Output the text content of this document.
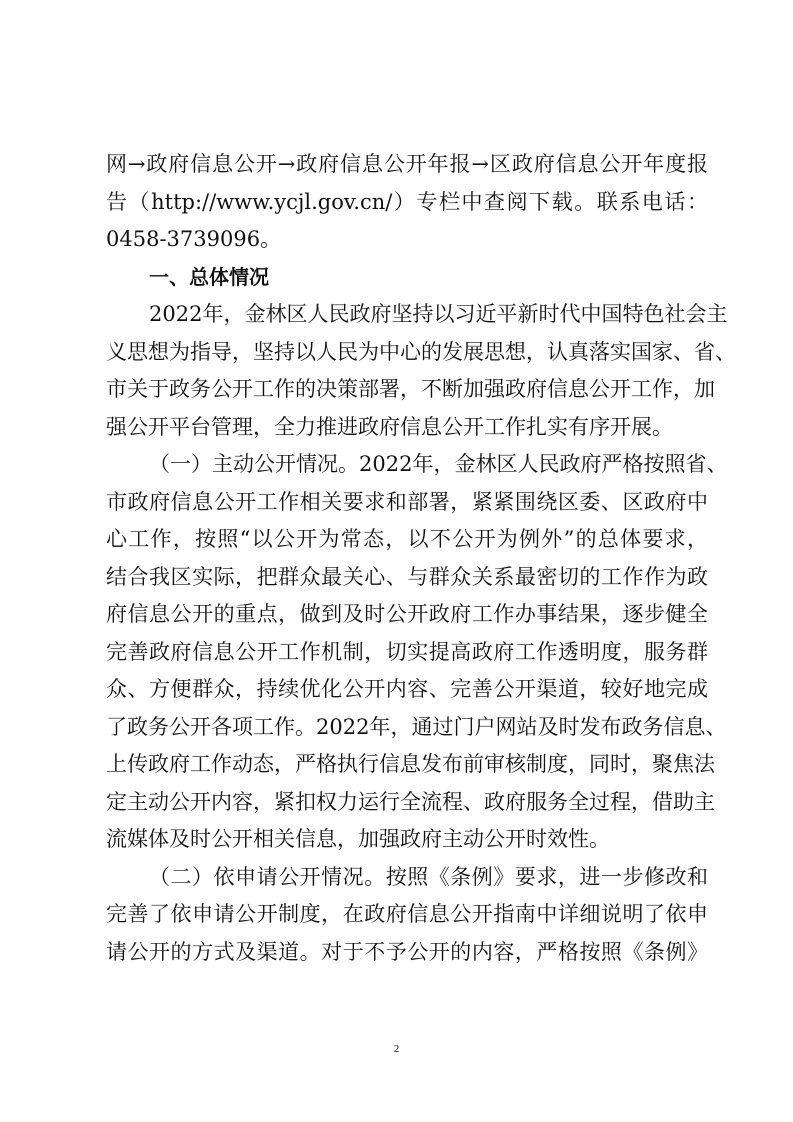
网→政府信息公开→政府信息公开年报→区政府信息公开年度报
告（http://www.ycjl.gov.cn/）专栏中查阅下载。联系电话：
0458-3739096。
一、总体情况
2022年，金林区人民政府坚持以习近平新时代中国特色社会主
义思想为指导，坚持以人民为中心的发展思想，认真落实国家、省、
市关于政务公开工作的决策部署，不断加强政府信息公开工作，加
强公开平台管理，全力推进政府信息公开工作扎实有序开展。
（一）主动公开情况。2022年，金林区人民政府严格按照省、
市政府信息公开工作相关要求和部署，紧紧围绕区委、区政府中
心工作，按照“以公开为常态，以不公开为例外”的总体要求，
结合我区实际，把群众最关心、与群众关系最密切的工作作为政
府信息公开的重点，做到及时公开政府工作办事结果，逐步健全
完善政府信息公开工作机制，切实提高政府工作透明度，服务群
众、方便群众，持续优化公开内容、完善公开渠道，较好地完成
了政务公开各项工作。2022年，通过门户网站及时发布政务信息、
上传政府工作动态，严格执行信息发布前审核制度，同时，聚焦法
定主动公开内容，紧扣权力运行全流程、政府服务全过程，借助主
流媒体及时公开相关信息，加强政府主动公开时效性。
（二）依申请公开情况。按照《条例》要求，进一步修改和
完善了依申请公开制度，在政府信息公开指南中详细说明了依申
请公开的方式及渠道。对于不予公开的内容，严格按照《条例》
2
